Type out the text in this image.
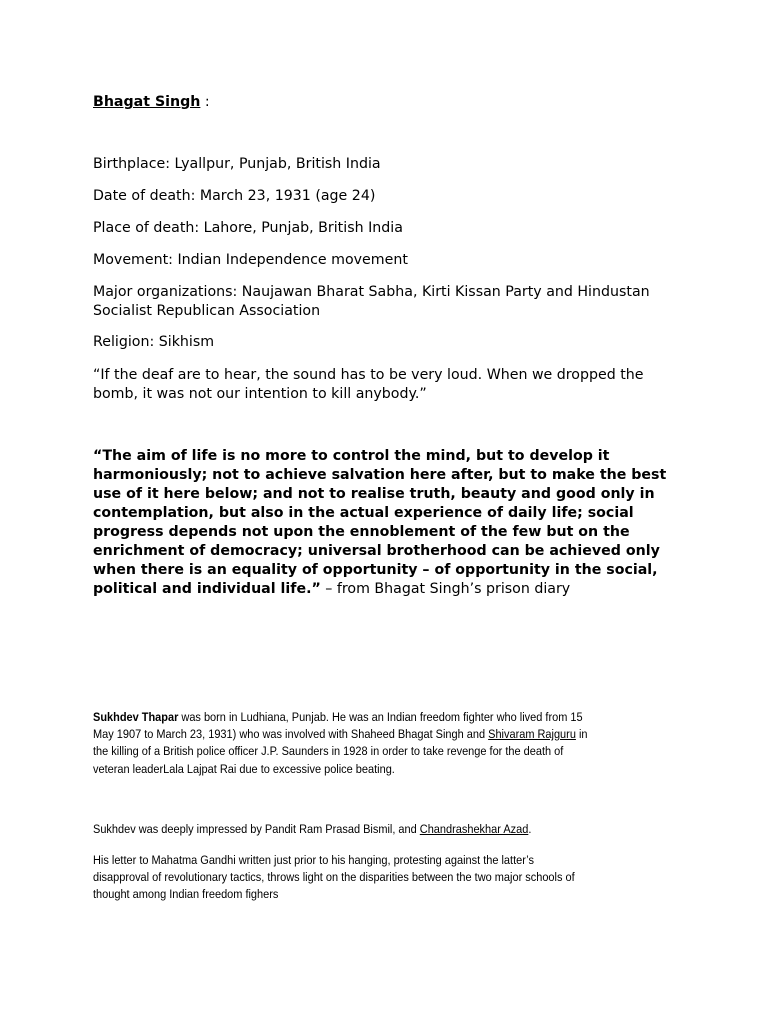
Bhagat Singh :

Birthplace: Lyallpur, Punjab, British India

Date of death: March 23, 1931 (age 24)

Place of death: Lahore, Punjab, British India

Movement: Indian Independence movement

Major organizations: Naujawan Bharat Sabha, Kirti Kissan Party and Hindustan
Socialist Republican Association

Religion: Sikhism

“If the deaf are to hear, the sound has to be very loud. When we dropped the
bomb, it was not our intention to kill anybody.”

“The aim of life is no more to control the mind, but to develop it
harmoniously; not to achieve salvation here after, but to make the best
use of it here below; and not to realise truth, beauty and good only in
contemplation, but also in the actual experience of daily life; social
progress depends not upon the ennoblement of the few but on the
enrichment of democracy; universal brotherhood can be achieved only
when there is an equality of opportunity – of opportunity in the social,
political and individual life.” – from Bhagat Singh’s prison diary

Sukhdev Thapar was born in Ludhiana, Punjab. He was an Indian freedom fighter who lived from 15
May 1907 to March 23, 1931) who was involved with Shaheed Bhagat Singh and Shivaram Rajguru in
the killing of a British police officer J.P. Saunders in 1928 in order to take revenge for the death of
veteran leaderLala Lajpat Rai due to excessive police beating.

Sukhdev was deeply impressed by Pandit Ram Prasad Bismil, and Chandrashekhar Azad.

His letter to Mahatma Gandhi written just prior to his hanging, protesting against the latter’s
disapproval of revolutionary tactics, throws light on the disparities between the two major schools of
thought among Indian freedom fighers
